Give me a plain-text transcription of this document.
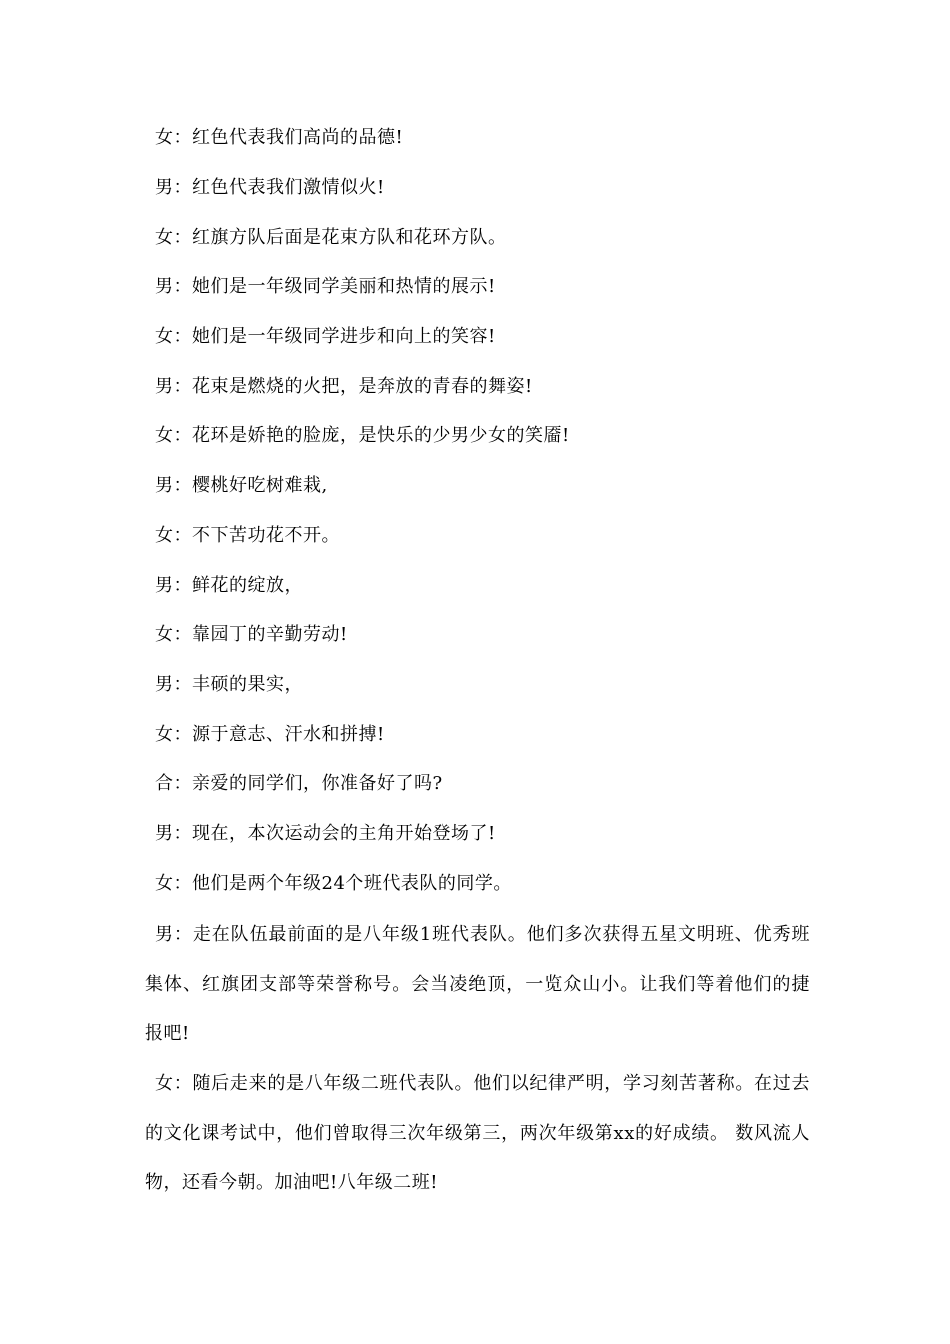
女：红色代表我们高尚的品德!
男：红色代表我们激情似火!
女：红旗方队后面是花束方队和花环方队。
男：她们是一年级同学美丽和热情的展示!
女：她们是一年级同学进步和向上的笑容!
男：花束是燃烧的火把，是奔放的青春的舞姿!
女：花环是娇艳的脸庞，是快乐的少男少女的笑靥!
男：樱桃好吃树难栽,
女：不下苦功花不开。
男：鲜花的绽放，
女：靠园丁的辛勤劳动!
男：丰硕的果实，
女：源于意志、汗水和拼搏!
合：亲爱的同学们，你准备好了吗?
男：现在，本次运动会的主角开始登场了!
女：他们是两个年级24个班代表队的同学。
男：走在队伍最前面的是八年级1班代表队。他们多次获得五星文明班、优秀班集体、红旗团支部等荣誉称号。会当凌绝顶，一览众山小。让我们等着他们的捷报吧!
女：随后走来的是八年级二班代表队。他们以纪律严明，学习刻苦著称。在过去的文化课考试中，他们曾取得三次年级第三，两次年级第xx的好成绩。 数风流人物，还看今朝。加油吧!八年级二班!
